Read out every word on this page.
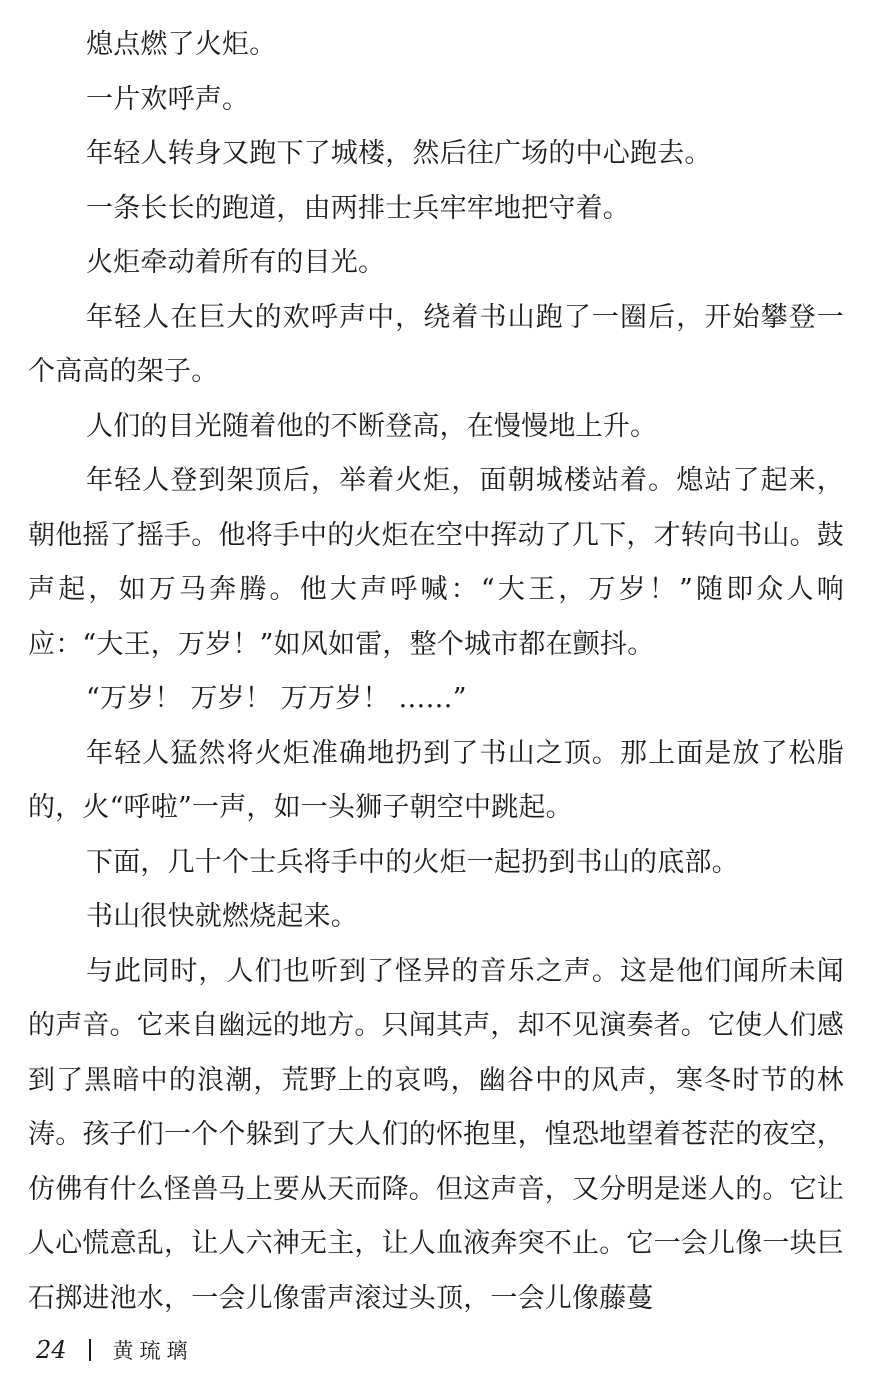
熄点燃了火炬。

一片欢呼声。

年轻人转身又跑下了城楼，然后往广场的中心跑去。

一条长长的跑道，由两排士兵牢牢地把守着。

火炬牵动着所有的目光。

年轻人在巨大的欢呼声中，绕着书山跑了一圈后，开始攀登一个高高的架子。

人们的目光随着他的不断登高，在慢慢地上升。

年轻人登到架顶后，举着火炬，面朝城楼站着。熄站了起来，朝他摇了摇手。他将手中的火炬在空中挥动了几下，才转向书山。鼓声起，如万马奔腾。他大声呼喊：“大王，万岁！”随即众人响应：“大王，万岁！”如风如雷，整个城市都在颤抖。

“万岁！ 万岁！ 万万岁！ ……”

年轻人猛然将火炬准确地扔到了书山之顶。那上面是放了松脂的，火“呼啦”一声，如一头狮子朝空中跳起。

下面，几十个士兵将手中的火炬一起扔到书山的底部。

书山很快就燃烧起来。

与此同时，人们也听到了怪异的音乐之声。这是他们闻所未闻的声音。它来自幽远的地方。只闻其声，却不见演奏者。它使人们感到了黑暗中的浪潮，荒野上的哀鸣，幽谷中的风声，寒冬时节的林涛。孩子们一个个躲到了大人们的怀抱里，惶恐地望着苍茫的夜空，仿佛有什么怪兽马上要从天而降。但这声音，又分明是迷人的。它让人心慌意乱，让人六神无主，让人血液奔突不止。它一会儿像一块巨石掷进池水，一会儿像雷声滚过头顶，一会儿像藤蔓

24 黄琉璃
